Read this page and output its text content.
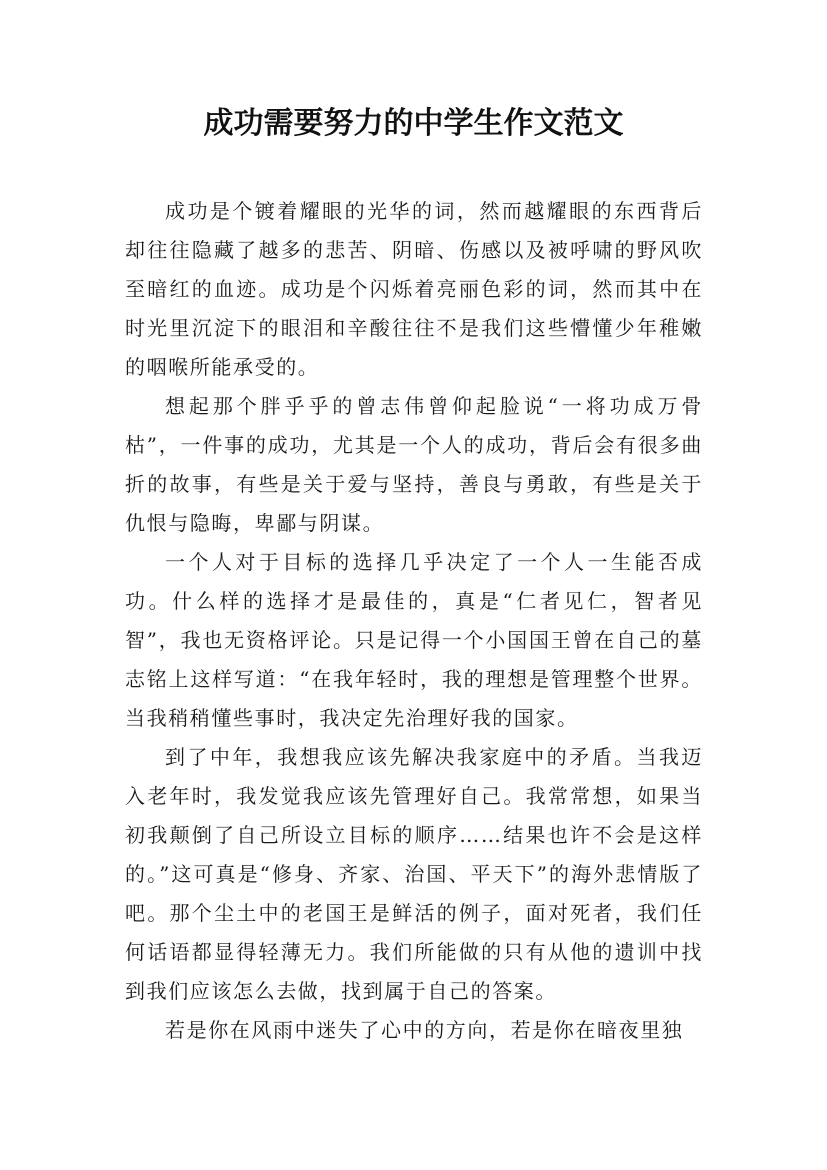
成功需要努力的中学生作文范文

成功是个镀着耀眼的光华的词，然而越耀眼的东西背后却往往隐藏了越多的悲苦、阴暗、伤感以及被呼啸的野风吹至暗红的血迹。成功是个闪烁着亮丽色彩的词，然而其中在时光里沉淀下的眼泪和辛酸往往不是我们这些懵懂少年稚嫩的咽喉所能承受的。

想起那个胖乎乎的曾志伟曾仰起脸说“一将功成万骨枯”，一件事的成功，尤其是一个人的成功，背后会有很多曲折的故事，有些是关于爱与坚持，善良与勇敢，有些是关于仇恨与隐晦，卑鄙与阴谋。

一个人对于目标的选择几乎决定了一个人一生能否成功。什么样的选择才是最佳的，真是“仁者见仁，智者见智”，我也无资格评论。只是记得一个小国国王曾在自己的墓志铭上这样写道：“在我年轻时，我的理想是管理整个世界。当我稍稍懂些事时，我决定先治理好我的国家。

到了中年，我想我应该先解决我家庭中的矛盾。当我迈入老年时，我发觉我应该先管理好自己。我常常想，如果当初我颠倒了自己所设立目标的顺序……结果也许不会是这样的。”这可真是“修身、齐家、治国、平天下”的海外悲情版了吧。那个尘土中的老国王是鲜活的例子，面对死者，我们任何话语都显得轻薄无力。我们所能做的只有从他的遗训中找到我们应该怎么去做，找到属于自己的答案。

若是你在风雨中迷失了心中的方向，若是你在暗夜里独
